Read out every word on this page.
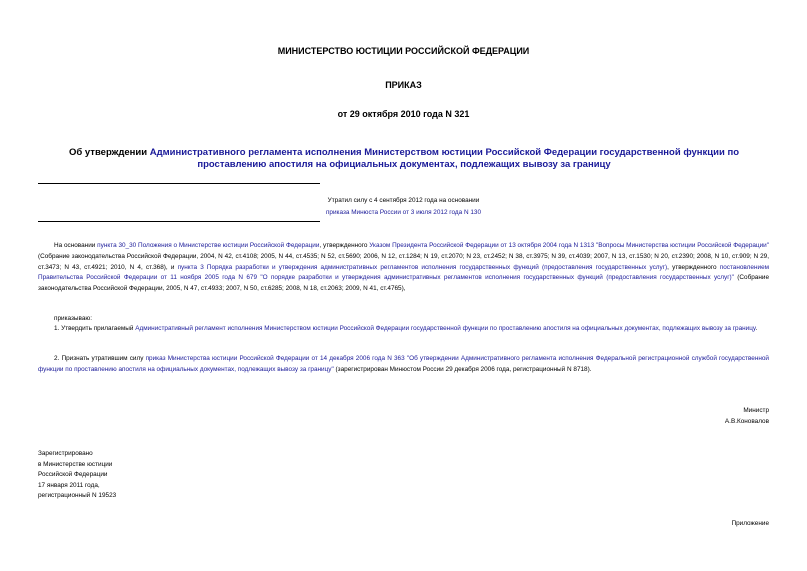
МИНИСТЕРСТВО ЮСТИЦИИ РОССИЙСКОЙ ФЕДЕРАЦИИ
ПРИКАЗ
от 29 октября 2010 года N 321
Об утверждении Административного регламента исполнения Министерством юстиции Российской Федерации государственной функции по проставлению апостиля на официальных документах, подлежащих вывозу за границу
Утратил силу с 4 сентября 2012 года на основании
приказа Минюста России от 3 июля 2012 года N 130
На основании пункта 30_30 Положения о Министерстве юстиции Российской Федерации, утвержденного Указом Президента Российской Федерации от 13 октября 2004 года N 1313 "Вопросы Министерства юстиции Российской Федерации" (Собрание законодательства Российской Федерации, 2004, N 42, ст.4108; 2005, N 44, ст.4535; N 52, ст.5690; 2006, N 12, ст.1284; N 19, ст.2070; N 23, ст.2452; N 38, ст.3975; N 39, ст.4039; 2007, N 13, ст.1530; N 20, ст.2390; 2008, N 10, ст.909; N 29, ст.3473; N 43, ст.4921; 2010, N 4, ст.368), и пункта 3 Порядка разработки и утверждения административных регламентов исполнения государственных функций (предоставления государственных услуг), утвержденного постановлением Правительства Российской Федерации от 11 ноября 2005 года N 679 "О порядке разработки и утверждения административных регламентов исполнения государственных функций (предоставления государственных услуг)" (Собрание законодательства Российской Федерации, 2005, N 47, ст.4933; 2007, N 50, ст.6285; 2008, N 18, ст.2063; 2009, N 41, ст.4765),
приказываю:
1. Утвердить прилагаемый Административный регламент исполнения Министерством юстиции Российской Федерации государственной функции по проставлению апостиля на официальных документах, подлежащих вывозу за границу.
2. Признать утратившим силу приказ Министерства юстиции Российской Федерации от 14 декабря 2006 года N 363 "Об утверждении Административного регламента исполнения Федеральной регистрационной службой государственной функции по проставлению апостиля на официальных документах, подлежащих вывозу за границу" (зарегистрирован Минюстом России 29 декабря 2006 года, регистрационный N 8718).
Министр
А.В.Коновалов
Зарегистрировано
в Министерстве юстиции
Российской Федерации
17 января 2011 года,
регистрационный N 19523
Приложение
